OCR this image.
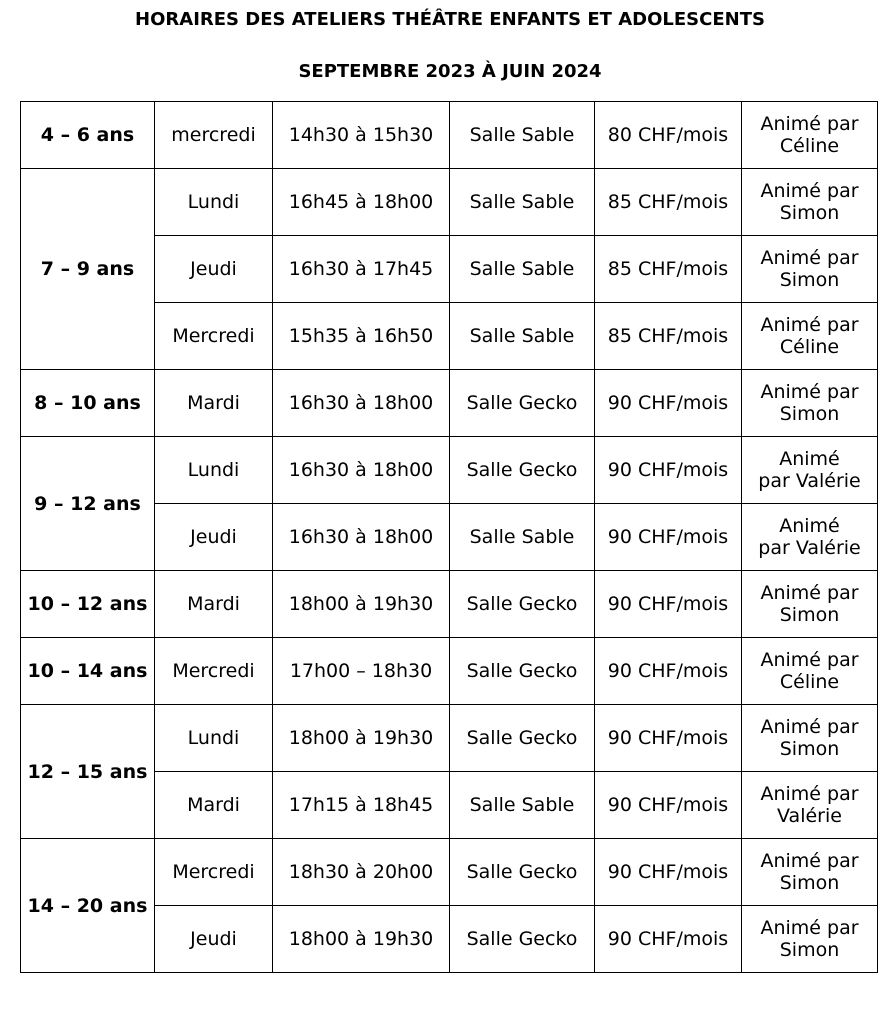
HORAIRES DES ATELIERS THÉÂTRE ENFANTS ET ADOLESCENTS
SEPTEMBRE 2023 À JUIN 2024
4 – 6 ans	mercredi	14h30 à 15h30	Salle Sable	80 CHF/mois	Animé par
Céline

7 – 9 ans	Lundi	16h45 à 18h00	Salle Sable	85 CHF/mois	Animé par
Simon

	Jeudi	16h30 à 17h45	Salle Sable	85 CHF/mois	Animé par
Simon

	Mercredi	15h35 à 16h50	Salle Sable	85 CHF/mois	Animé par
Céline

8 – 10 ans	Mardi	16h30 à 18h00	Salle Gecko	90 CHF/mois	Animé par
Simon

9 – 12 ans	Lundi	16h30 à 18h00	Salle Gecko	90 CHF/mois	Animé
par Valérie

	Jeudi	16h30 à 18h00	Salle Sable	90 CHF/mois	Animé
par Valérie

10 – 12 ans	Mardi	18h00 à 19h30	Salle Gecko	90 CHF/mois	Animé par
Simon

10 – 14 ans	Mercredi	17h00 – 18h30	Salle Gecko	90 CHF/mois	Animé par
Céline

12 – 15 ans	Lundi	18h00 à 19h30	Salle Gecko	90 CHF/mois	Animé par
Simon

	Mardi	17h15 à 18h45	Salle Sable	90 CHF/mois	Animé par
Valérie

14 – 20 ans	Mercredi	18h30 à 20h00	Salle Gecko	90 CHF/mois	Animé par
Simon

	Jeudi	18h00 à 19h30	Salle Gecko	90 CHF/mois	Animé par
Simon
